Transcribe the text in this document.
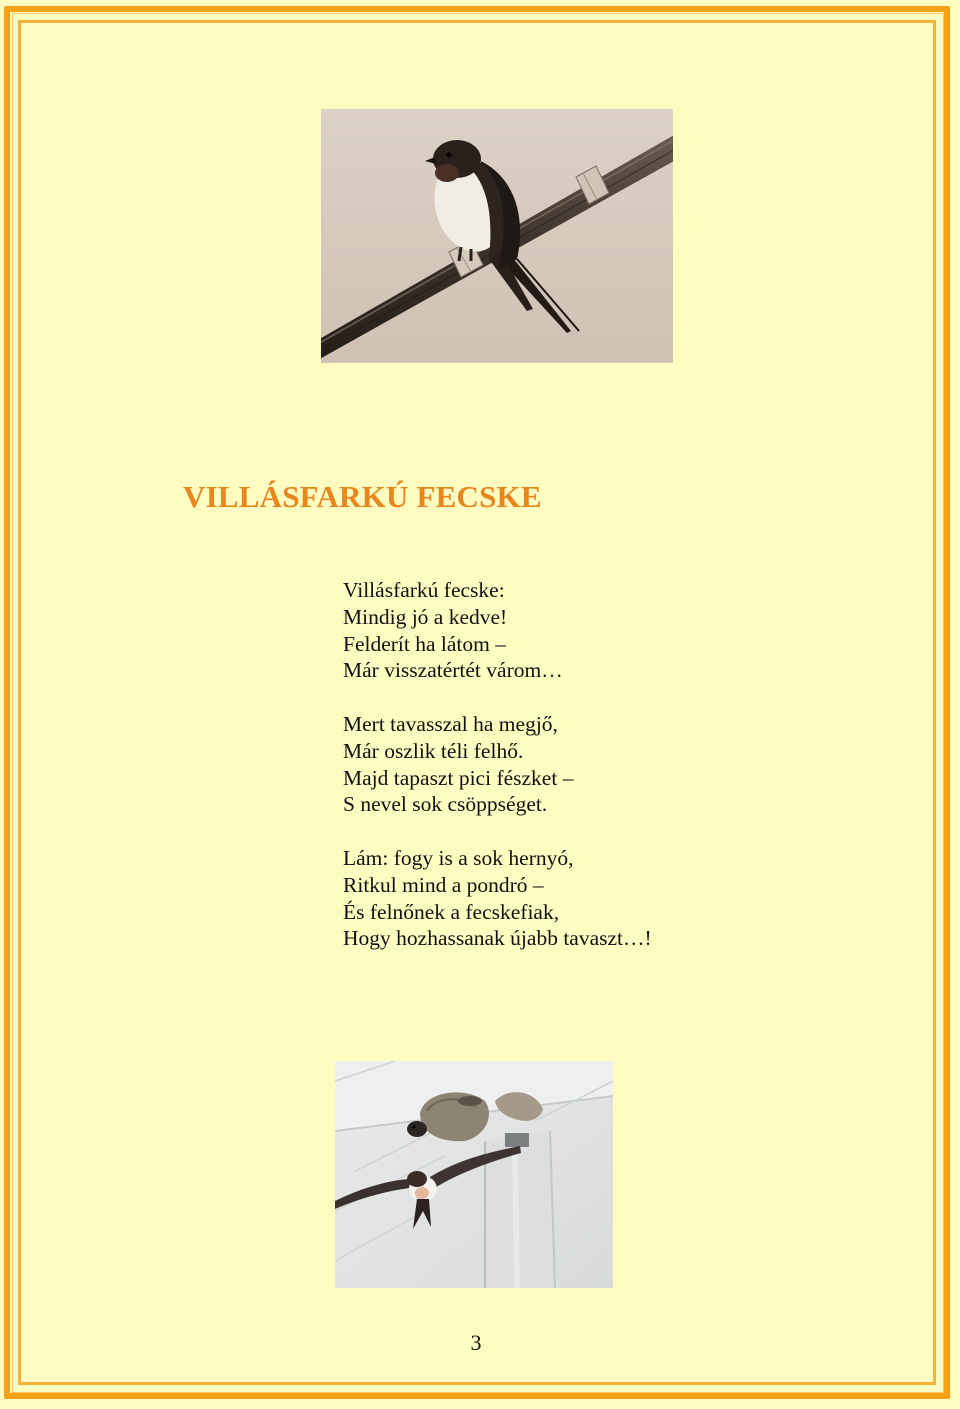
VILLÁSFARKÚ FECSKE

Villásfarkú fecske:
Mindig jó a kedve!
Felderít ha látom –
Már visszatértét várom…

Mert tavasszal ha megjő,
Már oszlik téli felhő.
Majd tapaszt pici fészket –
S nevel sok csöppséget.

Lám: fogy is a sok hernyó,
Ritkul mind a pondró –
És felnőnek a fecskefiak,
Hogy hozhassanak újabb tavaszt…!

3
